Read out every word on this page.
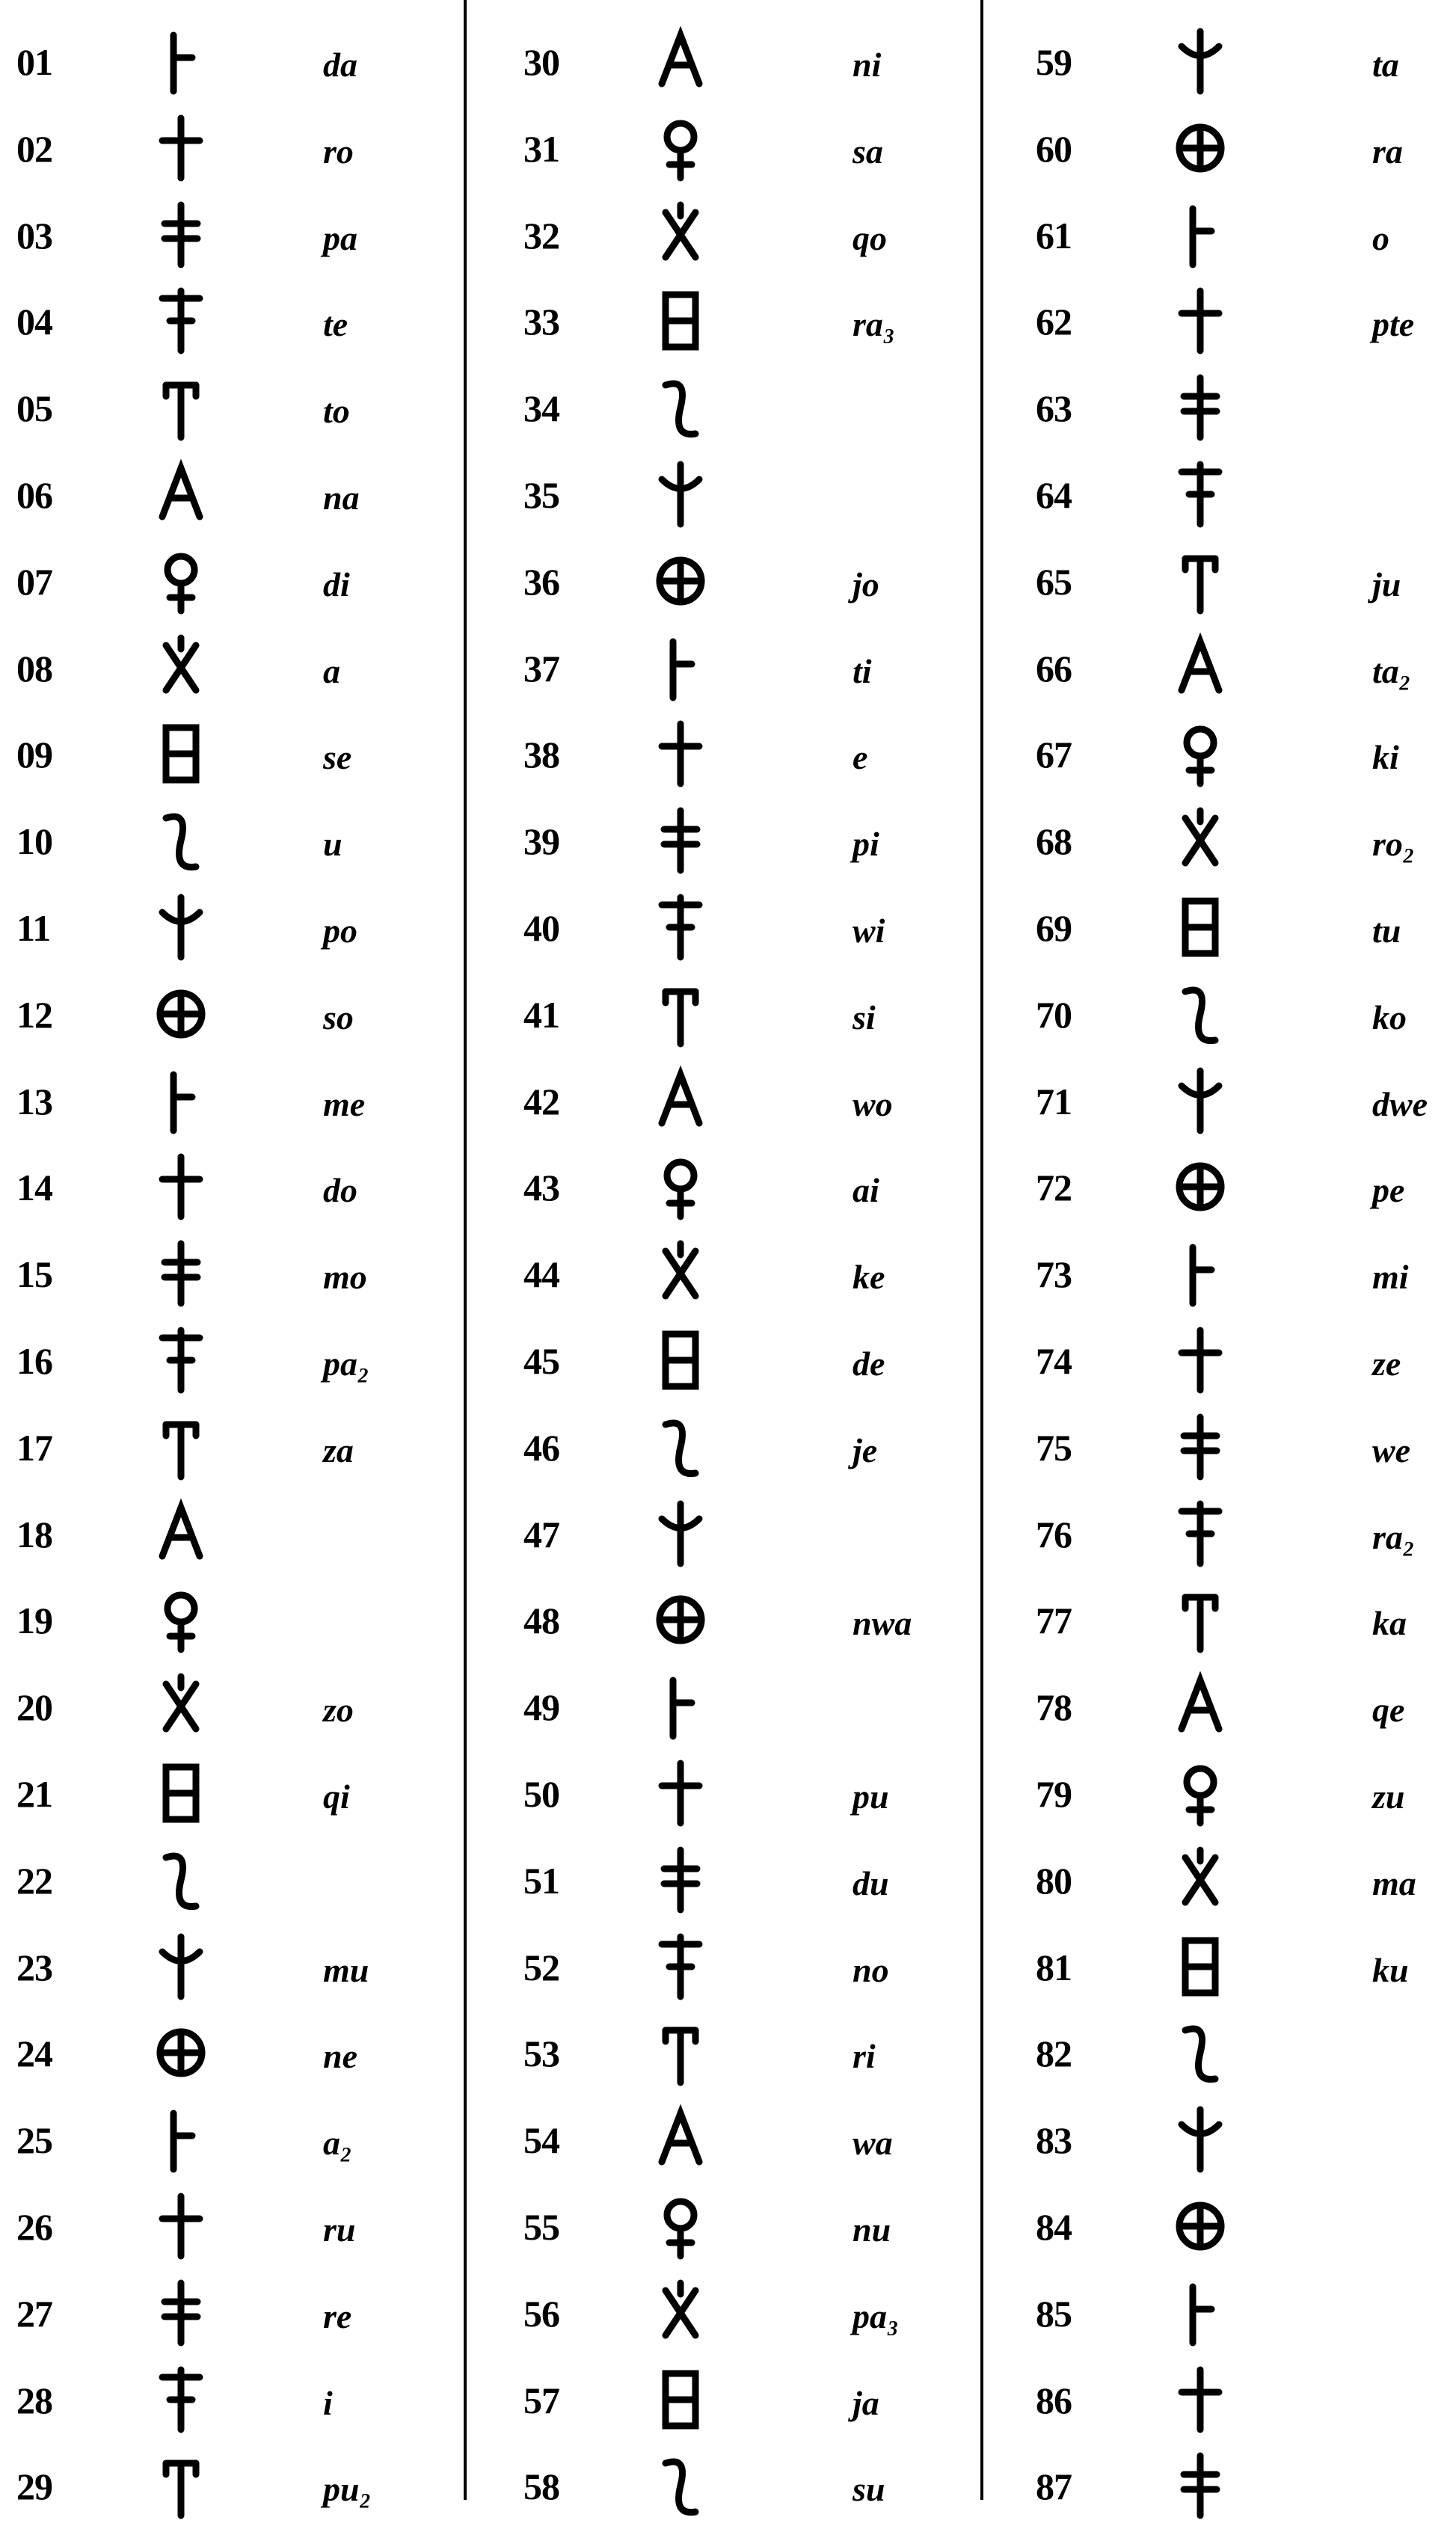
01	da
02	ro
03	pa
04	te
05	to
06	na
07	di
08	a
09	se
10	u
11	po
12	so
13	me
14	do
15	mo
16	pa₂
17	za
18
19
20	zo
21	qi
22
23	mu
24	ne
25	a₂
26	ru
27	re
28	i
29	pu₂
30	ni
31	sa
32	qo
33	ra₃
34
35
36	jo
37	ti
38	e
39	pi
40	wi
41	si
42	wo
43	ai
44	ke
45	de
46	je
47
48	nwa
49
50	pu
51	du
52	no
53	ri
54	wa
55	nu
56	pa₃
57	ja
58	su
59	ta
60	ra
61	o
62	pte
63
64
65	ju
66	ta₂
67	ki
68	ro₂
69	tu
70	ko
71	dwe
72	pe
73	mi
74	ze
75	we
76	ra₂
77	ka
78	qe
79	zu
80	ma
81	ku
82
83
84
85
86
87
